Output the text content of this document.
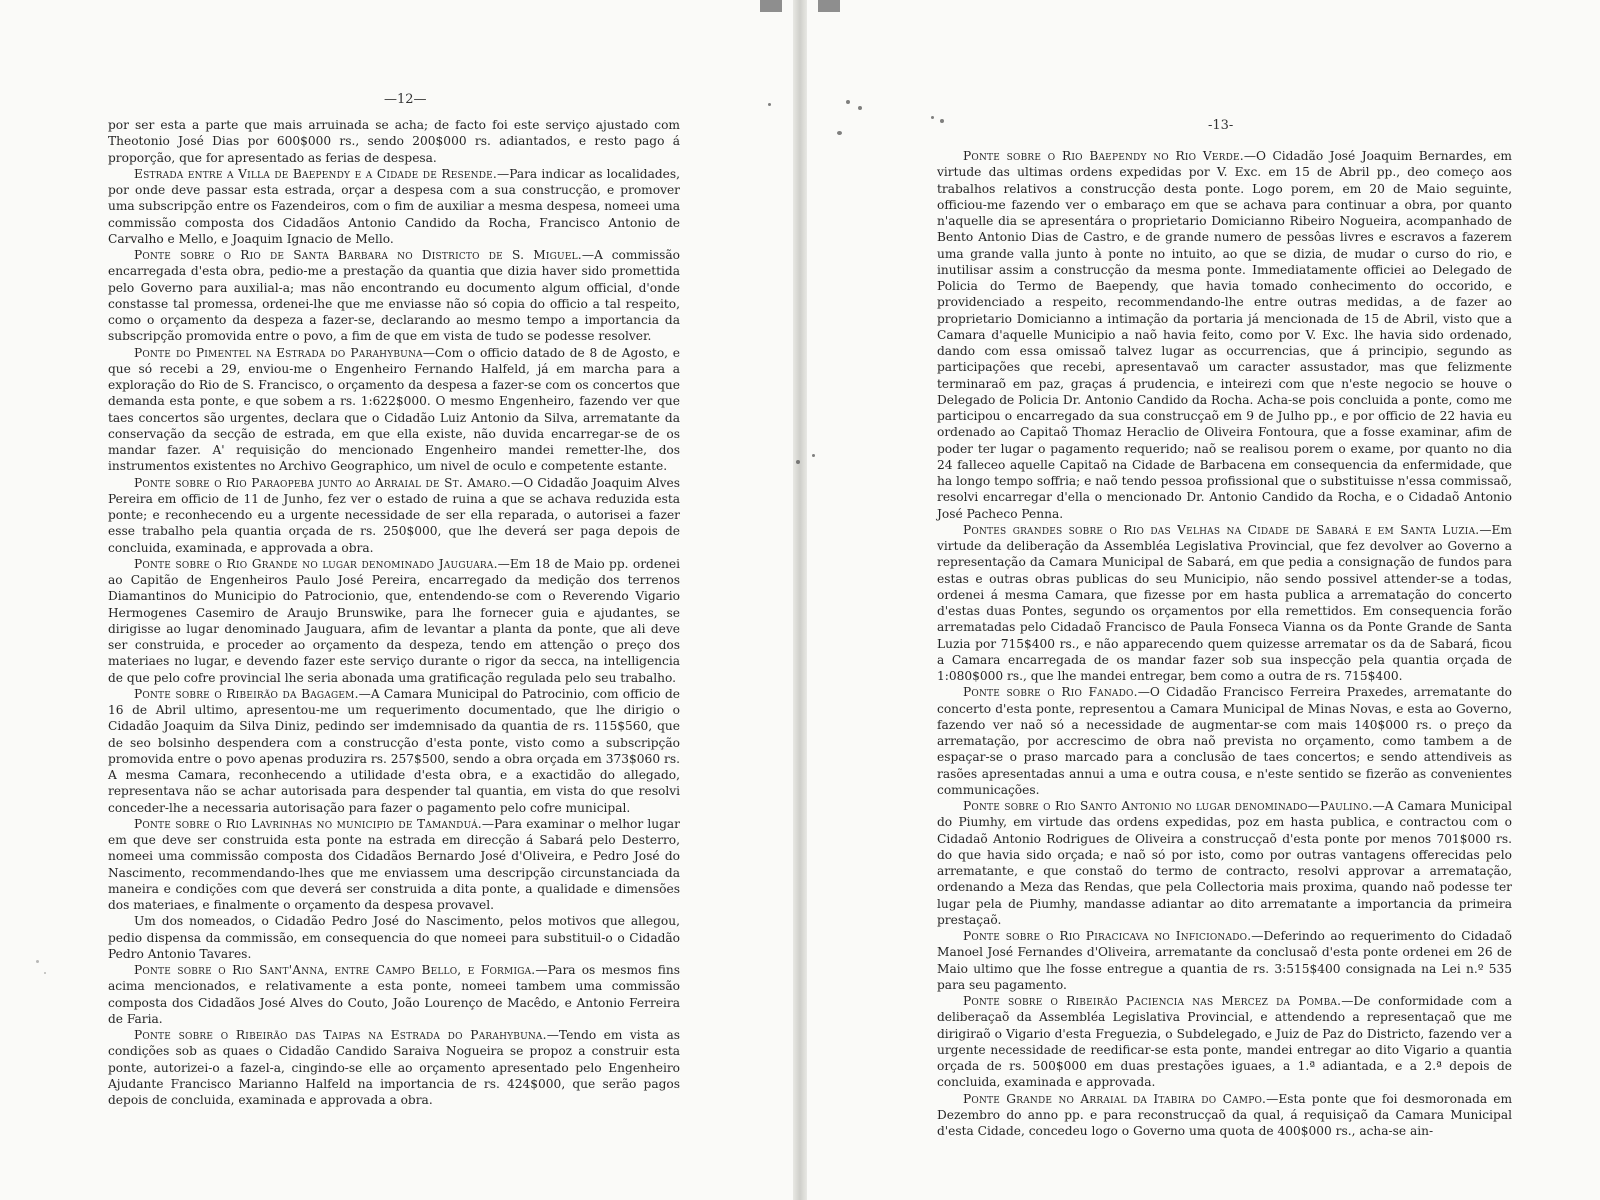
—12—
-13-

por ser esta a parte que mais arruinada se acha; de facto foi este serviço ajustado com Theotonio José Dias por 600$000 rs., sendo 200$000 rs. adiantados, e resto pago á proporção, que for apresentado as ferias de despesa.

Estrada entre a Villa de Baependy e a Cidade de Resende.—Para indicar as localidades, por onde deve passar esta estrada, orçar a despesa com a sua construcção, e promover uma subscripção entre os Fazendeiros, com o fim de auxiliar a mesma despesa, nomeei uma commissão composta dos Cidadãos Antonio Candido da Rocha, Francisco Antonio de Carvalho e Mello, e Joaquim Ignacio de Mello.

Ponte sobre o Rio de Santa Barbara no Districto de S. Miguel.—A commissão encarregada d'esta obra, pedio-me a prestação da quantia que dizia haver sido promettida pelo Governo para auxilial-a; mas não encontrando eu documento algum official, d'onde constasse tal promessa, ordenei-lhe que me enviasse não só copia do officio a tal respeito, como o orçamento da despeza a fazer-se, declarando ao mesmo tempo a importancia da subscripção promovida entre o povo, a fim de que em vista de tudo se podesse resolver.

Ponte do Pimentel na Estrada do Parahybuna—Com o officio datado de 8 de Agosto, e que só recebi a 29, enviou-me o Engenheiro Fernando Halfeld, já em marcha para a exploração do Rio de S. Francisco, o orçamento da despesa a fazer-se com os concertos que demanda esta ponte, e que sobem a rs. 1:622$000. O mesmo Engenheiro, fazendo ver que taes concertos são urgentes, declara que o Cidadão Luiz Antonio da Silva, arrematante da conservação da secção de estrada, em que ella existe, não duvida encarregar-se de os mandar fazer. A' requisição do mencionado Engenheiro mandei remetter-lhe, dos instrumentos existentes no Archivo Geographico, um nivel de oculo e competente estante.

Ponte sobre o Rio Paraopeba junto ao Arraial de St. Amaro.—O Cidadão Joaquim Alves Pereira em officio de 11 de Junho, fez ver o estado de ruina a que se achava reduzida esta ponte; e reconhecendo eu a urgente necessidade de ser ella reparada, o autorisei a fazer esse trabalho pela quantia orçada de rs. 250$000, que lhe deverá ser paga depois de concluida, examinada, e approvada a obra.

Ponte sobre o Rio Grande no lugar denominado Jauguara.—Em 18 de Maio pp. ordenei ao Capitão de Engenheiros Paulo José Pereira, encarregado da medição dos terrenos Diamantinos do Municipio do Patrocionio, que, entendendo-se com o Reverendo Vigario Hermogenes Casemiro de Araujo Brunswike, para lhe fornecer guia e ajudantes, se dirigisse ao lugar denominado Jauguara, afim de levantar a planta da ponte, que ali deve ser construida, e proceder ao orçamento da despeza, tendo em attenção o preço dos materiaes no lugar, e devendo fazer este serviço durante o rigor da secca, na intelligencia de que pelo cofre provincial lhe seria abonada uma gratificação regulada pelo seu trabalho.

Ponte sobre o Ribeirão da Bagagem.—A Camara Municipal do Patrocinio, com officio de 16 de Abril ultimo, apresentou-me um requerimento documentado, que lhe dirigio o Cidadão Joaquim da Silva Diniz, pedindo ser imdemnisado da quantia de rs. 115$560, que de seo bolsinho despendera com a construcção d'esta ponte, visto como a subscripção promovida entre o povo apenas produzira rs. 257$500, sendo a obra orçada em 373$060 rs. A mesma Camara, reconhecendo a utilidade d'esta obra, e a exactidão do allegado, representava não se achar autorisada para despender tal quantia, em vista do que resolvi conceder-lhe a necessaria autorisação para fazer o pagamento pelo cofre municipal.

Ponte sobre o Rio Lavrinhas no municipio de Tamanduá.—Para examinar o melhor lugar em que deve ser construida esta ponte na estrada em direcção á Sabará pelo Desterro, nomeei uma commissão composta dos Cidadãos Bernardo José d'Oliveira, e Pedro José do Nascimento, recommendando-lhes que me enviassem uma descripção circunstanciada da maneira e condições com que deverá ser construida a dita ponte, a qualidade e dimensões dos materiaes, e finalmente o orçamento da despesa provavel.

Um dos nomeados, o Cidadão Pedro José do Nascimento, pelos motivos que allegou, pedio dispensa da commissão, em consequencia do que nomeei para substituil-o o Cidadão Pedro Antonio Tavares.

Ponte sobre o Rio Sant'Anna, entre Campo Bello, e Formiga.—Para os mesmos fins acima mencionados, e relativamente a esta ponte, nomeei tambem uma commissão composta dos Cidadãos José Alves do Couto, João Lourenço de Macêdo, e Antonio Ferreira de Faria.

Ponte sobre o Ribeirão das Taipas na Estrada do Parahybuna.—Tendo em vista as condições sob as quaes o Cidadão Candido Saraiva Nogueira se propoz a construir esta ponte, autorizei-o a fazel-a, cingindo-se elle ao orçamento apresentado pelo Engenheiro Ajudante Francisco Marianno Halfeld na importancia de rs. 424$000, que serão pagos depois de concluida, examinada e approvada a obra.

Ponte sobre o Rio Baependy no Rio Verde.—O Cidadão José Joaquim Bernardes, em virtude das ultimas ordens expedidas por V. Exc. em 15 de Abril pp., deo começo aos trabalhos relativos a construcção desta ponte. Logo porem, em 20 de Maio seguinte, officiou-me fazendo ver o embaraço em que se achava para continuar a obra, por quanto n'aquelle dia se apresentára o proprietario Domicianno Ribeiro Nogueira, acompanhado de Bento Antonio Dias de Castro, e de grande numero de pessôas livres e escravos a fazerem uma grande valla junto à ponte no intuito, ao que se dizia, de mudar o curso do rio, e inutilisar assim a construcção da mesma ponte. Immediatamente officiei ao Delegado de Policia do Termo de Baependy, que havia tomado conhecimento do occorido, e providenciado a respeito, recommendando-lhe entre outras medidas, a de fazer ao proprietario Domicianno a intimação da portaria já mencionada de 15 de Abril, visto que a Camara d'aquelle Municipio a naõ havia feito, como por V. Exc. lhe havia sido ordenado, dando com essa omissaõ talvez lugar as occurrencias, que á principio, segundo as participações que recebi, apresentavaõ um caracter assustador, mas que felizmente terminaraõ em paz, graças á prudencia, e inteirezi com que n'este negocio se houve o Delegado de Policia Dr. Antonio Candido da Rocha. Acha-se pois concluida a ponte, como me participou o encarregado da sua construcçaõ em 9 de Julho pp., e por officio de 22 havia eu ordenado ao Capitaõ Thomaz Heraclio de Oliveira Fontoura, que a fosse examinar, afim de poder ter lugar o pagamento requerido; naõ se realisou porem o exame, por quanto no dia 24 falleceo aquelle Capitaõ na Cidade de Barbacena em consequencia da enfermidade, que ha longo tempo soffria; e naõ tendo pessoa profissional que o substituisse n'essa commissaõ, resolvi encarregar d'ella o mencionado Dr. Antonio Candido da Rocha, e o Cidadaõ Antonio José Pacheco Penna.

Pontes grandes sobre o Rio das Velhas na Cidade de Sabará e em Santa Luzia.—Em virtude da deliberação da Assembléa Legislativa Provincial, que fez devolver ao Governo a representação da Camara Municipal de Sabará, em que pedia a consignação de fundos para estas e outras obras publicas do seu Municipio, não sendo possivel attender-se a todas, ordenei á mesma Camara, que fizesse por em hasta publica a arrematação do concerto d'estas duas Pontes, segundo os orçamentos por ella remettidos. Em consequencia forão arrematadas pelo Cidadaõ Francisco de Paula Fonseca Vianna os da Ponte Grande de Santa Luzia por 715$400 rs., e não apparecendo quem quizesse arrematar os da de Sabará, ficou a Camara encarregada de os mandar fazer sob sua inspecção pela quantia orçada de 1:080$000 rs., que lhe mandei entregar, bem como a outra de rs. 715$400.

Ponte sobre o Rio Fanado.—O Cidadão Francisco Ferreira Praxedes, arrematante do concerto d'esta ponte, representou a Camara Municipal de Minas Novas, e esta ao Governo, fazendo ver naõ só a necessidade de augmentar-se com mais 140$000 rs. o preço da arrematação, por accrescimo de obra naõ prevista no orçamento, como tambem a de espaçar-se o praso marcado para a conclusão de taes concertos; e sendo attendiveis as rasões apresentadas annui a uma e outra cousa, e n'este sentido se fizerão as convenientes communicações.

Ponte sobre o Rio Santo Antonio no lugar denominado—Paulino.—A Camara Municipal do Piumhy, em virtude das ordens expedidas, poz em hasta publica, e contractou com o Cidadaõ Antonio Rodrigues de Oliveira a construcçaõ d'esta ponte por menos 701$000 rs. do que havia sido orçada; e naõ só por isto, como por outras vantagens offerecidas pelo arrematante, e que constaõ do termo de contracto, resolvi approvar a arrematação, ordenando a Meza das Rendas, que pela Collectoria mais proxima, quando naõ podesse ter lugar pela de Piumhy, mandasse adiantar ao dito arrematante a importancia da primeira prestaçaõ.

Ponte sobre o Rio Piracicava no Inficionado.—Deferindo ao requerimento do Cidadaõ Manoel José Fernandes d'Oliveira, arrematante da conclusaõ d'esta ponte ordenei em 26 de Maio ultimo que lhe fosse entregue a quantia de rs. 3:515$400 consignada na Lei n.º 535 para seu pagamento.

Ponte sobre o Ribeirão Paciencia nas Mercez da Pomba.—De conformidade com a deliberaçaõ da Assembléa Legislativa Provincial, e attendendo a representaçaõ que me dirigiraõ o Vigario d'esta Freguezia, o Subdelegado, e Juiz de Paz do Districto, fazendo ver a urgente necessidade de reedificar-se esta ponte, mandei entregar ao dito Vigario a quantia orçada de rs. 500$000 em duas prestações iguaes, a 1.ª adiantada, e a 2.ª depois de concluida, examinada e approvada.

Ponte Grande no Arraial da Itabira do Campo.—Esta ponte que foi desmoronada em Dezembro do anno pp. e para reconstrucçaõ da qual, á requisiçaõ da Camara Municipal d'esta Cidade, concedeu logo o Governo uma quota de 400$000 rs., acha-se ain-
